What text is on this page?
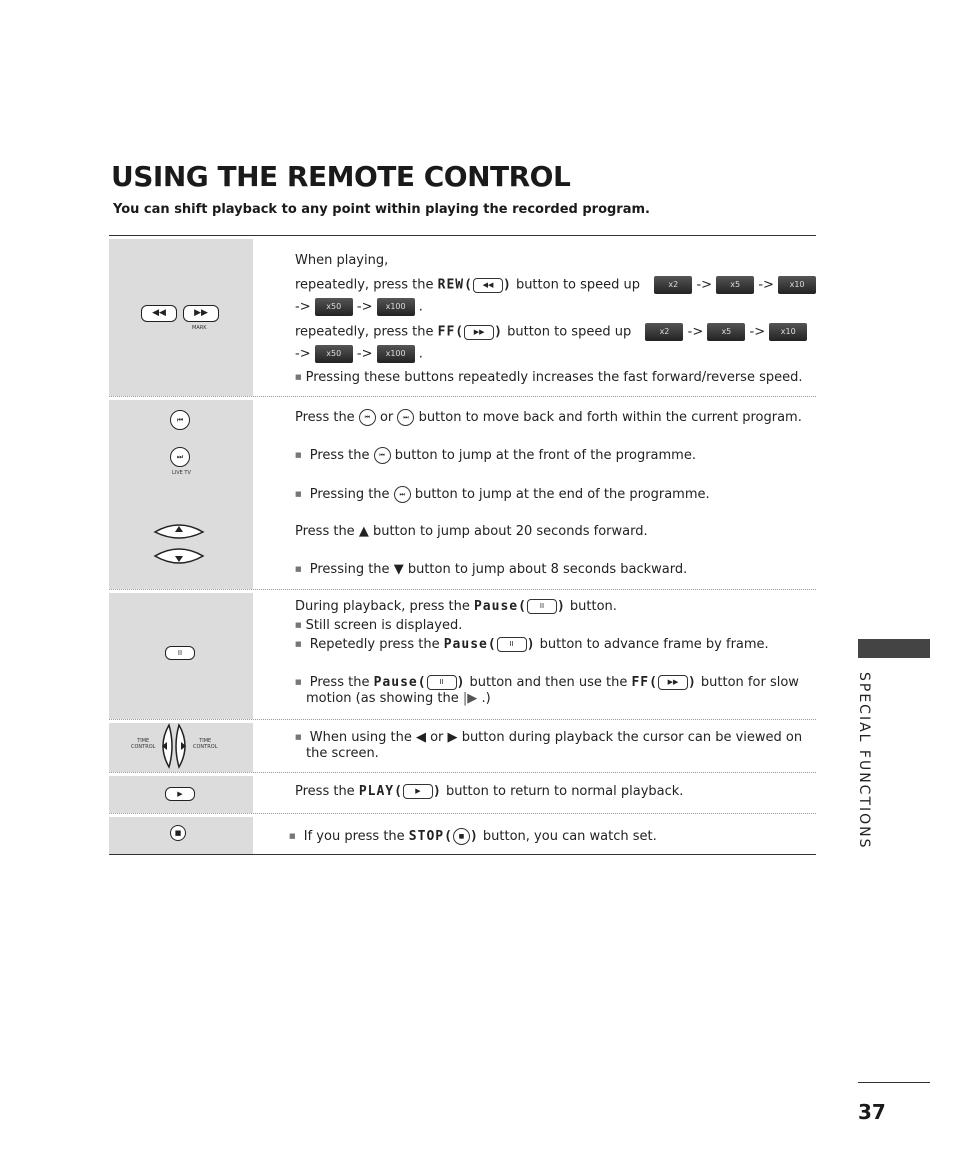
USING THE REMOTE CONTROL
You can shift playback to any point within playing the recorded program.
◀◀	▶▶
MARK
When playing,
repeatedly, press the REW( ◀◀ ) button to speed up	x2 -> x5 -> x10
-> x50 -> x100 .
repeatedly, press the FF( ▶▶ ) button to speed up	x2 -> x5 -> x10
-> x50 -> x100 .
■ Pressing these buttons repeatedly increases the fast forward/reverse speed.
⏮
⏭
LIVE TV
Press the ⏮ or ⏭ button to move back and forth within the current program.
■ Press the ⏮ button to jump at the front of the programme.
■ Pressing the ⏭ button to jump at the end of the programme.
Press the ▲ button to jump about 20 seconds forward.
■ Pressing the ▼ button to jump about 8 seconds backward.
II
During playback, press the Pause( II ) button.
■ Still screen is displayed.
■ Repetedly press the Pause( II ) button to advance frame by frame.
■ Press the Pause( II ) button and then use the FF( ▶▶ ) button for slow
motion (as showing the |▶ .)
TIME
CONTROL
TIME
CONTROL
■ When using the ◀ or ▶ button during playback the cursor can be viewed on
the screen.
▶	Press the PLAY( ▶ ) button to return to normal playback.
■
■	If you press the STOP( ■ ) button, you can watch set.	SPECIAL FUNCTIONS
37
